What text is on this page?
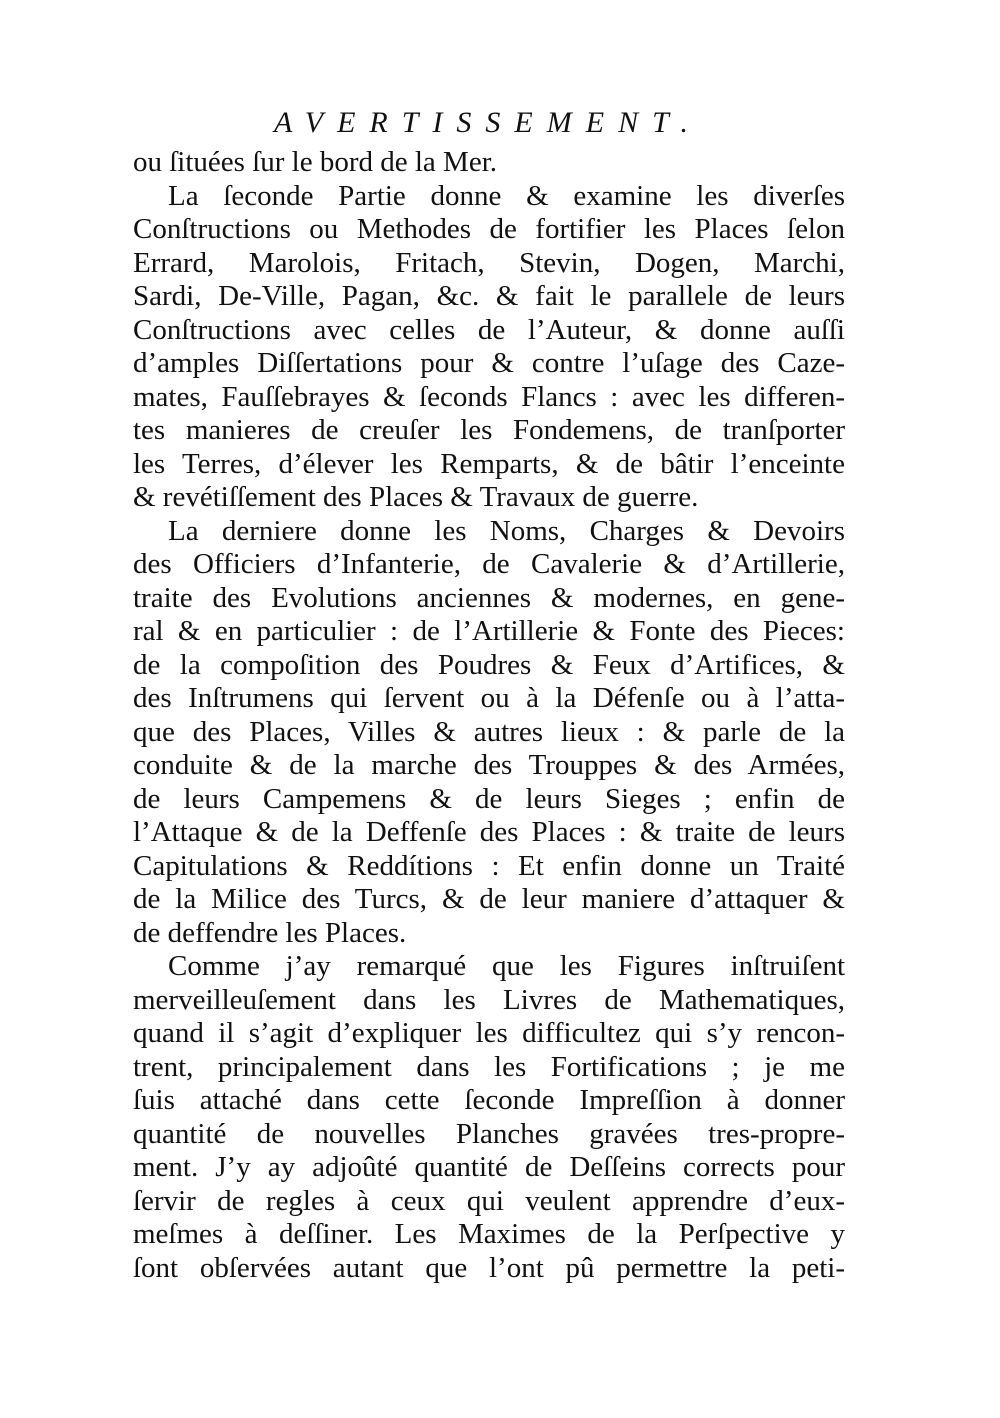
AVERTISSEMENT.
ou ſituées ſur le bord de la Mer.
La ſeconde Partie donne & examine les diverſes
Conſtructions ou Methodes de fortifier les Places ſelon
Errard, Marolois, Fritach, Stevin, Dogen, Marchi,
Sardi, De-Ville, Pagan, &c. & fait le parallele de leurs
Conſtructions avec celles de l’Auteur, & donne auſſi
d’amples Diſſertations pour & contre l’uſage des Caze-
mates, Fauſſebrayes & ſeconds Flancs : avec les differen-
tes manieres de creuſer les Fondemens, de tranſporter
les Terres, d’élever les Remparts, & de bâtir l’enceinte
& revétiſſement des Places & Travaux de guerre.
La derniere donne les Noms, Charges & Devoirs
des Officiers d’Infanterie, de Cavalerie & d’Artillerie,
traite des Evolutions anciennes & modernes, en gene-
ral & en particulier : de l’Artillerie & Fonte des Pieces:
de la compoſition des Poudres & Feux d’Artifices, &
des Inſtrumens qui ſervent ou à la Défenſe ou à l’atta-
que des Places, Villes & autres lieux : & parle de la
conduite & de la marche des Trouppes & des Armées,
de leurs Campemens & de leurs Sieges ; enfin de
l’Attaque & de la Deffenſe des Places : & traite de leurs
Capitulations & Reddítions : Et enfin donne un Traité
de la Milice des Turcs, & de leur maniere d’attaquer &
de deffendre les Places.
Comme j’ay remarqué que les Figures inſtruiſent
merveilleuſement dans les Livres de Mathematiques,
quand il s’agit d’expliquer les difficultez qui s’y rencon-
trent, principalement dans les Fortifications ; je me
ſuis attaché dans cette ſeconde Impreſſion à donner
quantité de nouvelles Planches gravées tres-propre-
ment. J’y ay adjoûté quantité de Deſſeins corrects pour
ſervir de regles à ceux qui veulent apprendre d’eux-
meſmes à deſſiner. Les Maximes de la Perſpective y
ſont obſervées autant que l’ont pû permettre la peti-
